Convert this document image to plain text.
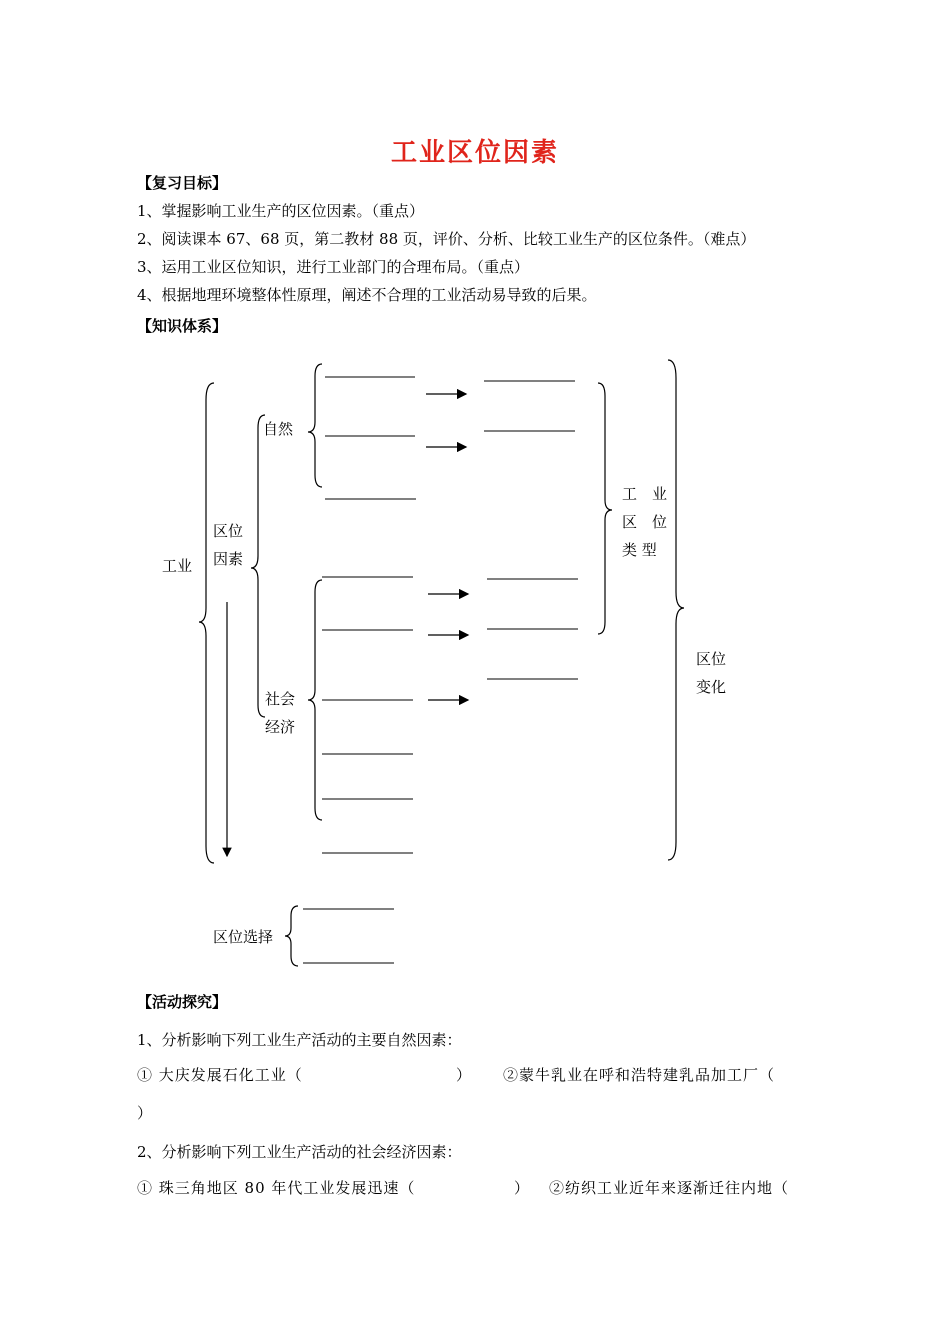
工业区位因素
【复习目标】
1、掌握影响工业生产的区位因素。（重点）
2、阅读课本 67、68 页，第二教材 88 页，评价、分析、比较工业生产的区位条件。（难点）
3、运用工业区位知识，进行工业部门的合理布局。（重点）
4、根据地理环境整体性原理，阐述不合理的工业活动易导致的后果。
【知识体系】
工业
区位
因素
自然
社会
经济
工　业
区　位
类 型
区位
变化
区位选择
【活动探究】
1、分析影响下列工业生产活动的主要自然因素：
① 大庆发展石化工业（	） ②蒙牛乳业在呼和浩特建乳品加工厂（
）
2、分析影响下列工业生产活动的社会经济因素：
① 珠三角地区 80 年代工业发展迅速（	） ②纺织工业近年来逐渐迁往内地（
